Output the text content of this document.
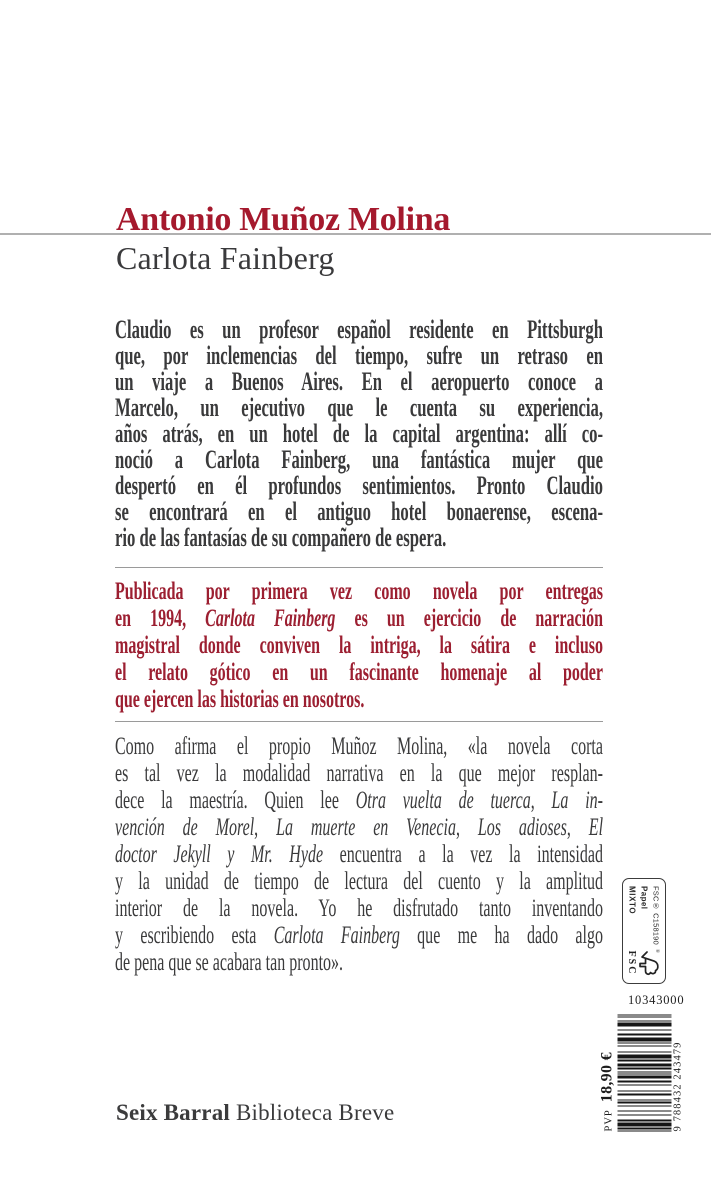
Antonio Muñoz Molina
Carlota Fainberg
Claudio es un profesor español residente en Pittsburgh
que, por inclemencias del tiempo, sufre un retraso en
un viaje a Buenos Aires. En el aeropuerto conoce a
Marcelo, un ejecutivo que le cuenta su experiencia,
años atrás, en un hotel de la capital argentina: allí co-
noció a Carlota Fainberg, una fantástica mujer que
despertó en él profundos sentimientos. Pronto Claudio
se encontrará en el antiguo hotel bonaerense, escena-
rio de las fantasías de su compañero de espera.
Publicada por primera vez como novela por entregas
en 1994, Carlota Fainberg es un ejercicio de narración
magistral donde conviven la intriga, la sátira e incluso
el relato gótico en un fascinante homenaje al poder
que ejercen las historias en nosotros.
Como afirma el propio Muñoz Molina, «la novela corta
es tal vez la modalidad narrativa en la que mejor resplan-
dece la maestría. Quien lee Otra vuelta de tuerca, La in-
vención de Morel, La muerte en Venecia, Los adioses, El
doctor Jekyll y Mr. Hyde encuentra a la vez la intensidad
y la unidad de tiempo de lectura del cuento y la amplitud
interior de la novela. Yo he disfrutado tanto inventando
y escribiendo esta Carlota Fainberg que me ha dado algo
de pena que se acabara tan pronto».
Seix Barral Biblioteca Breve
MIXTO Papel FSC® C158190
®
FSC
10343000
PVP
18,90 €	9 788432 243479
